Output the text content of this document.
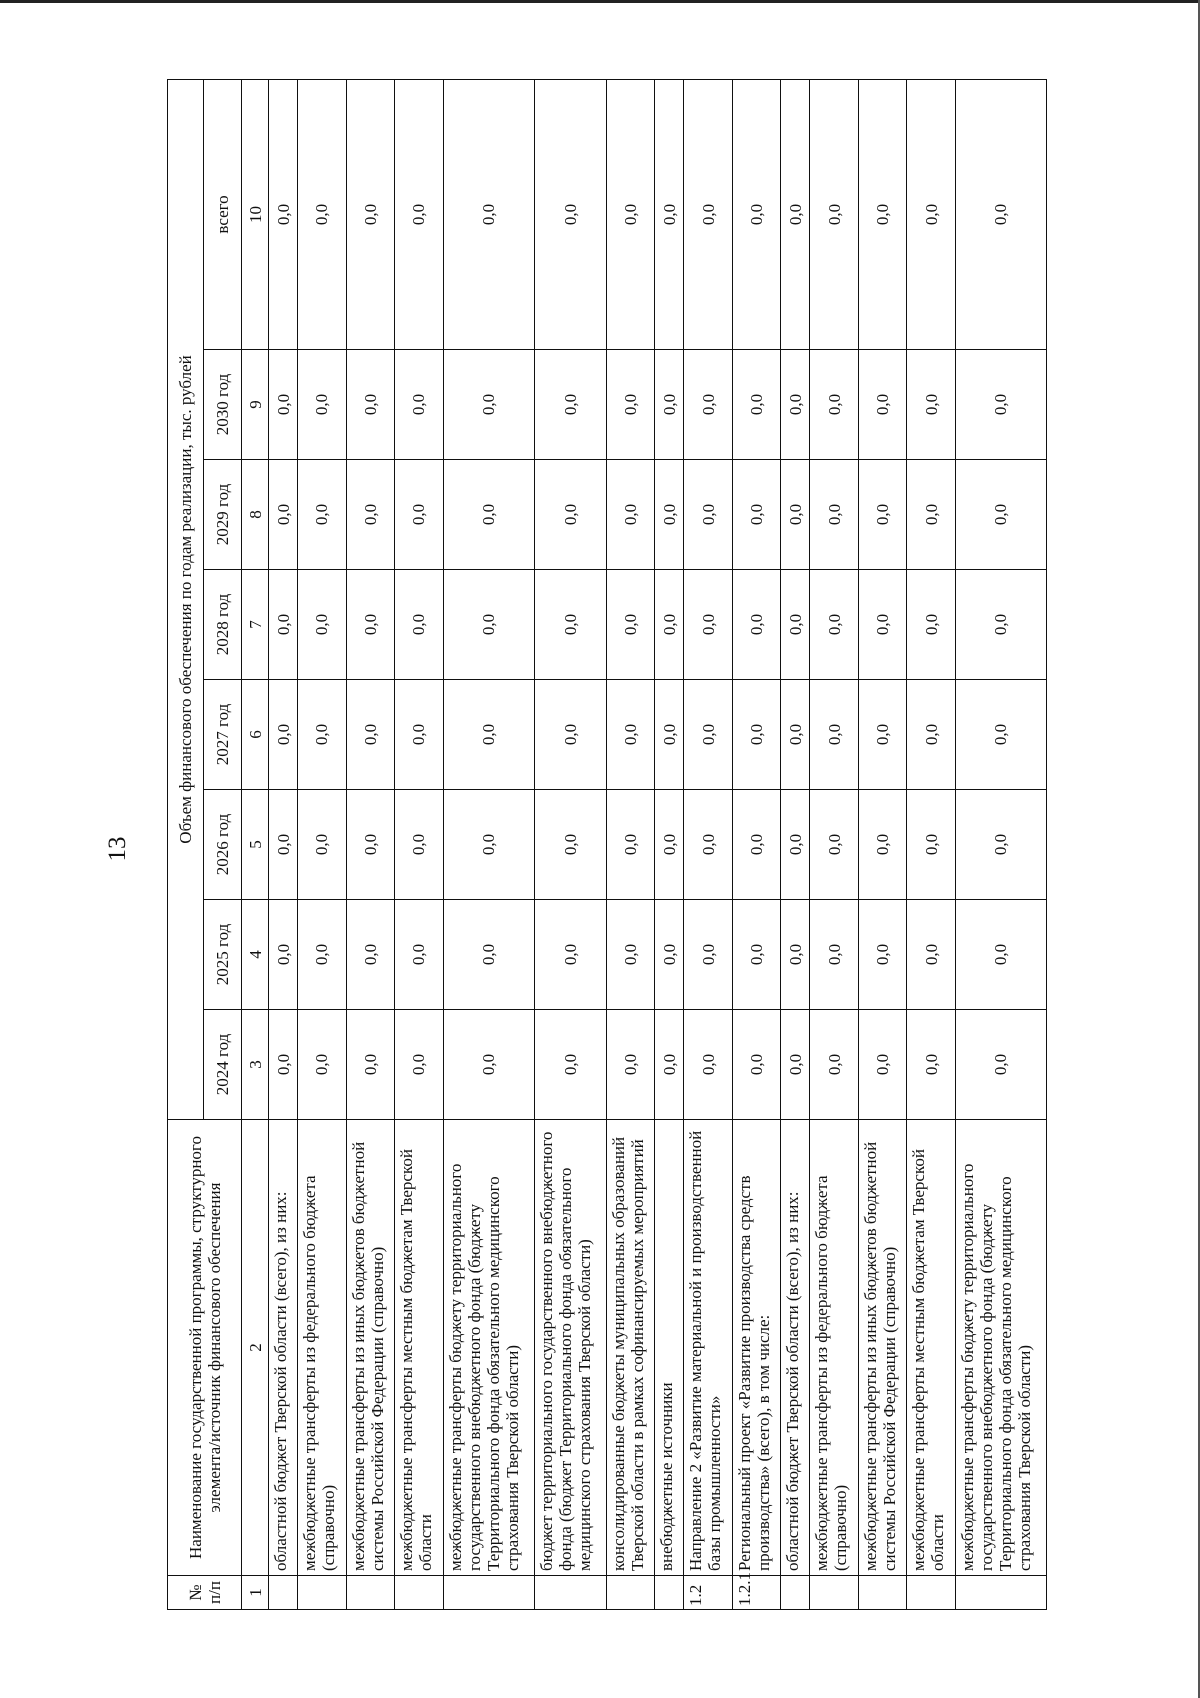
13
№ п/п	Наименование государственной программы, структурного элемента/источник финансового обеспечения	Объем финансового обеспечения по годам реализации, тыс. рублей							
		2024 год	2025 год	2026 год	2027 год	2028 год	2029 год	2030 год	всего
1	2	3	4	5	6	7	8	9	10
	областной бюджет Тверской области (всего), из них:	0,0	0,0	0,0	0,0	0,0	0,0	0,0	0,0
	межбюджетные трансферты из федерального бюджета (справочно)	0,0	0,0	0,0	0,0	0,0	0,0	0,0	0,0
	межбюджетные трансферты из иных бюджетов бюджетной системы Российской Федерации (справочно)	0,0	0,0	0,0	0,0	0,0	0,0	0,0	0,0
	межбюджетные трансферты местным бюджетам Тверской области	0,0	0,0	0,0	0,0	0,0	0,0	0,0	0,0
	межбюджетные трансферты бюджету территориального государственного внебюджетного фонда (бюджету Территориального фонда обязательного медицинского страхования Тверской области)	0,0	0,0	0,0	0,0	0,0	0,0	0,0	0,0
	бюджет территориального государственного внебюджетного фонда (бюджет Территориального фонда обязательного медицинского страхования Тверской области)	0,0	0,0	0,0	0,0	0,0	0,0	0,0	0,0
	консолидированные бюджеты муниципальных образований Тверской области в рамках софинансируемых мероприятий	0,0	0,0	0,0	0,0	0,0	0,0	0,0	0,0
	внебюджетные источники	0,0	0,0	0,0	0,0	0,0	0,0	0,0	0,0
1.2	Направление 2 «Развитие материальной и производственной базы промышленности»	0,0	0,0	0,0	0,0	0,0	0,0	0,0	0,0
1.2.1	Региональный проект «Развитие производства средств производства» (всего), в том числе:	0,0	0,0	0,0	0,0	0,0	0,0	0,0	0,0
	областной бюджет Тверской области (всего), из них:	0,0	0,0	0,0	0,0	0,0	0,0	0,0	0,0
	межбюджетные трансферты из федерального бюджета (справочно)	0,0	0,0	0,0	0,0	0,0	0,0	0,0	0,0
	межбюджетные трансферты из иных бюджетов бюджетной системы Российской Федерации (справочно)	0,0	0,0	0,0	0,0	0,0	0,0	0,0	0,0
	межбюджетные трансферты местным бюджетам Тверской области	0,0	0,0	0,0	0,0	0,0	0,0	0,0	0,0
	межбюджетные трансферты бюджету территориального государственного внебюджетного фонда (бюджету Территориального фонда обязательного медицинского страхования Тверской области)	0,0	0,0	0,0	0,0	0,0	0,0	0,0	0,0
